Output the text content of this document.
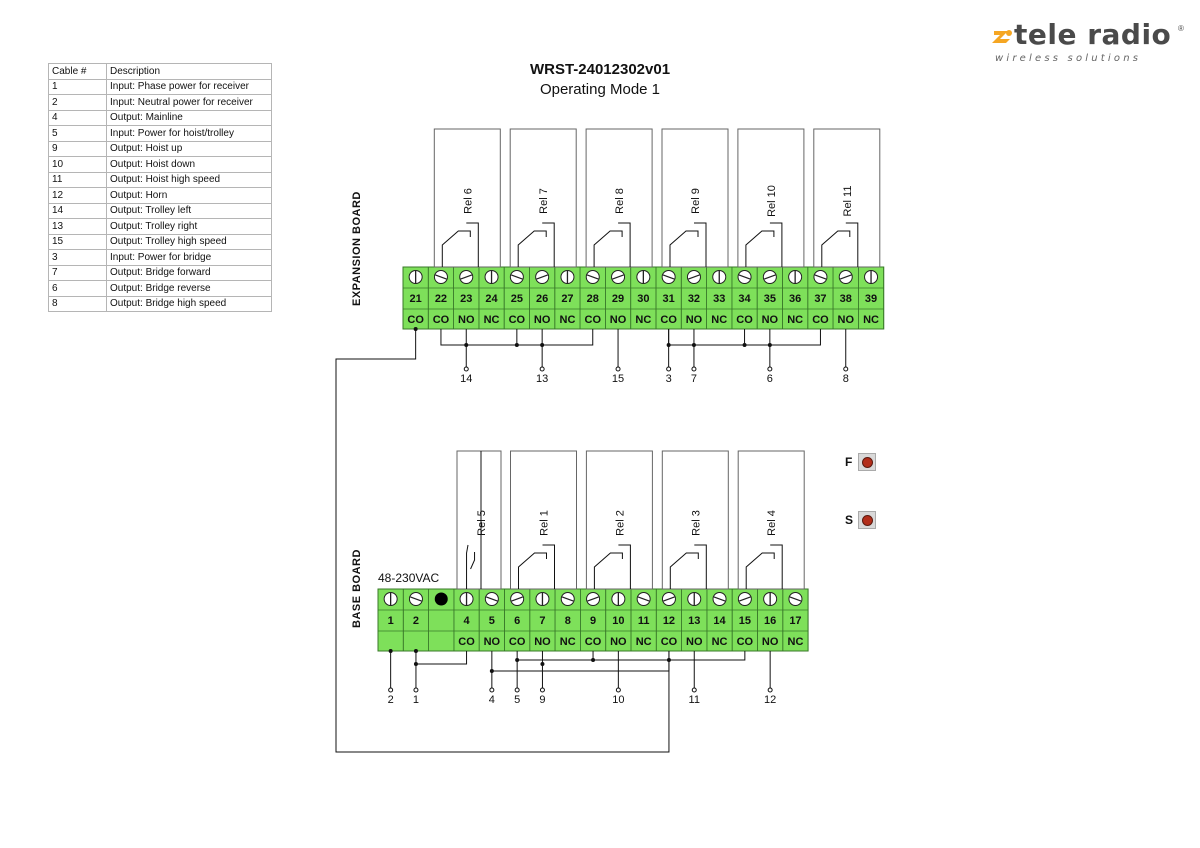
Cable #	Description
1	Input: Phase power for receiver
2	Input: Neutral power for receiver
4	Output: Mainline
5	Input: Power for hoist/trolley
9	Output: Hoist up
10	Output: Hoist down
11	Output: Hoist high speed
12	Output: Horn
14	Output: Trolley left
13	Output: Trolley right
15	Output: Trolley high speed
3	Input: Power for bridge
7	Output: Bridge forward
6	Output: Bridge reverse
8	Output: Bridge high speed
WRST-24012302v01
Operating Mode 1
tele radio ®
wireless solutions
EXPANSION BOARD
BASE BOARD 48-230VAC
F
S
21
CO
22
CO
23
NO
24
NC
25
CO
26
NO
27
NC
28
CO
29
NO
30
NC
31
CO
32
NO
33
NC
34
CO
35
NO
36
NC
37
CO
38
NO
39
NC
Rel 6	Rel 7	Rel 8	Rel 9	Rel 10	Rel 11
14	13	15	3 7	6	8
1 2	4
CO
5
NO
6
CO
7
NO
8
NC
9
CO
10
NO
11
NC
12
CO
13
NO
14
NC
15
CO
16
NO
17
NC
Rel 5	Rel 1	Rel 2	Rel 3	Rel 4
2 1	4 5 9	10	11	12
